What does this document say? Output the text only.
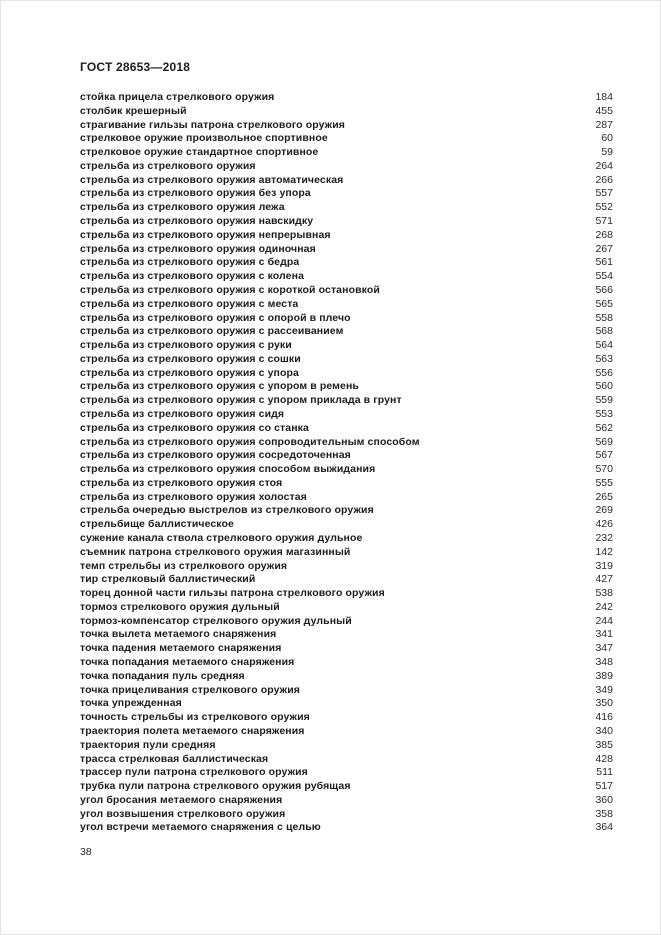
ГОСТ 28653—2018
стойка прицела стрелкового оружия	184
столбик крешерный	455
страгивание гильзы патрона стрелкового оружия	287
стрелковое оружие произвольное спортивное	60
стрелковое оружие стандартное спортивное	59
стрельба из стрелкового оружия	264
стрельба из стрелкового оружия автоматическая	266
стрельба из стрелкового оружия без упора	557
стрельба из стрелкового оружия лежа	552
стрельба из стрелкового оружия навскидку	571
стрельба из стрелкового оружия непрерывная	268
стрельба из стрелкового оружия одиночная	267
стрельба из стрелкового оружия с бедра	561
стрельба из стрелкового оружия с колена	554
стрельба из стрелкового оружия с короткой остановкой	566
стрельба из стрелкового оружия с места	565
стрельба из стрелкового оружия с опорой в плечо	558
стрельба из стрелкового оружия с рассеиванием	568
стрельба из стрелкового оружия с руки	564
стрельба из стрелкового оружия с сошки	563
стрельба из стрелкового оружия с упора	556
стрельба из стрелкового оружия с упором в ремень	560
стрельба из стрелкового оружия с упором приклада в грунт	559
стрельба из стрелкового оружия сидя	553
стрельба из стрелкового оружия со станка	562
стрельба из стрелкового оружия сопроводительным способом	569
стрельба из стрелкового оружия сосредоточенная	567
стрельба из стрелкового оружия способом выжидания	570
стрельба из стрелкового оружия стоя	555
стрельба из стрелкового оружия холостая	265
стрельба очередью выстрелов из стрелкового оружия	269
стрельбище баллистическое	426
сужение канала ствола стрелкового оружия дульное	232
съемник патрона стрелкового оружия магазинный	142
темп стрельбы из стрелкового оружия	319
тир стрелковый баллистический	427
торец донной части гильзы патрона стрелкового оружия	538
тормоз стрелкового оружия дульный	242
тормоз-компенсатор стрелкового оружия дульный	244
точка вылета метаемого снаряжения	341
точка падения метаемого снаряжения	347
точка попадания метаемого снаряжения	348
точка попадания пуль средняя	389
точка прицеливания стрелкового оружия	349
точка упрежденная	350
точность стрельбы из стрелкового оружия	416
траектория полета метаемого снаряжения	340
траектория пули средняя	385
трасса стрелковая баллистическая	428
трассер пули патрона стрелкового оружия	511
трубка пули патрона стрелкового оружия рубящая	517
угол бросания метаемого снаряжения	360
угол возвышения стрелкового оружия	358
угол встречи метаемого снаряжения с целью	364
38
